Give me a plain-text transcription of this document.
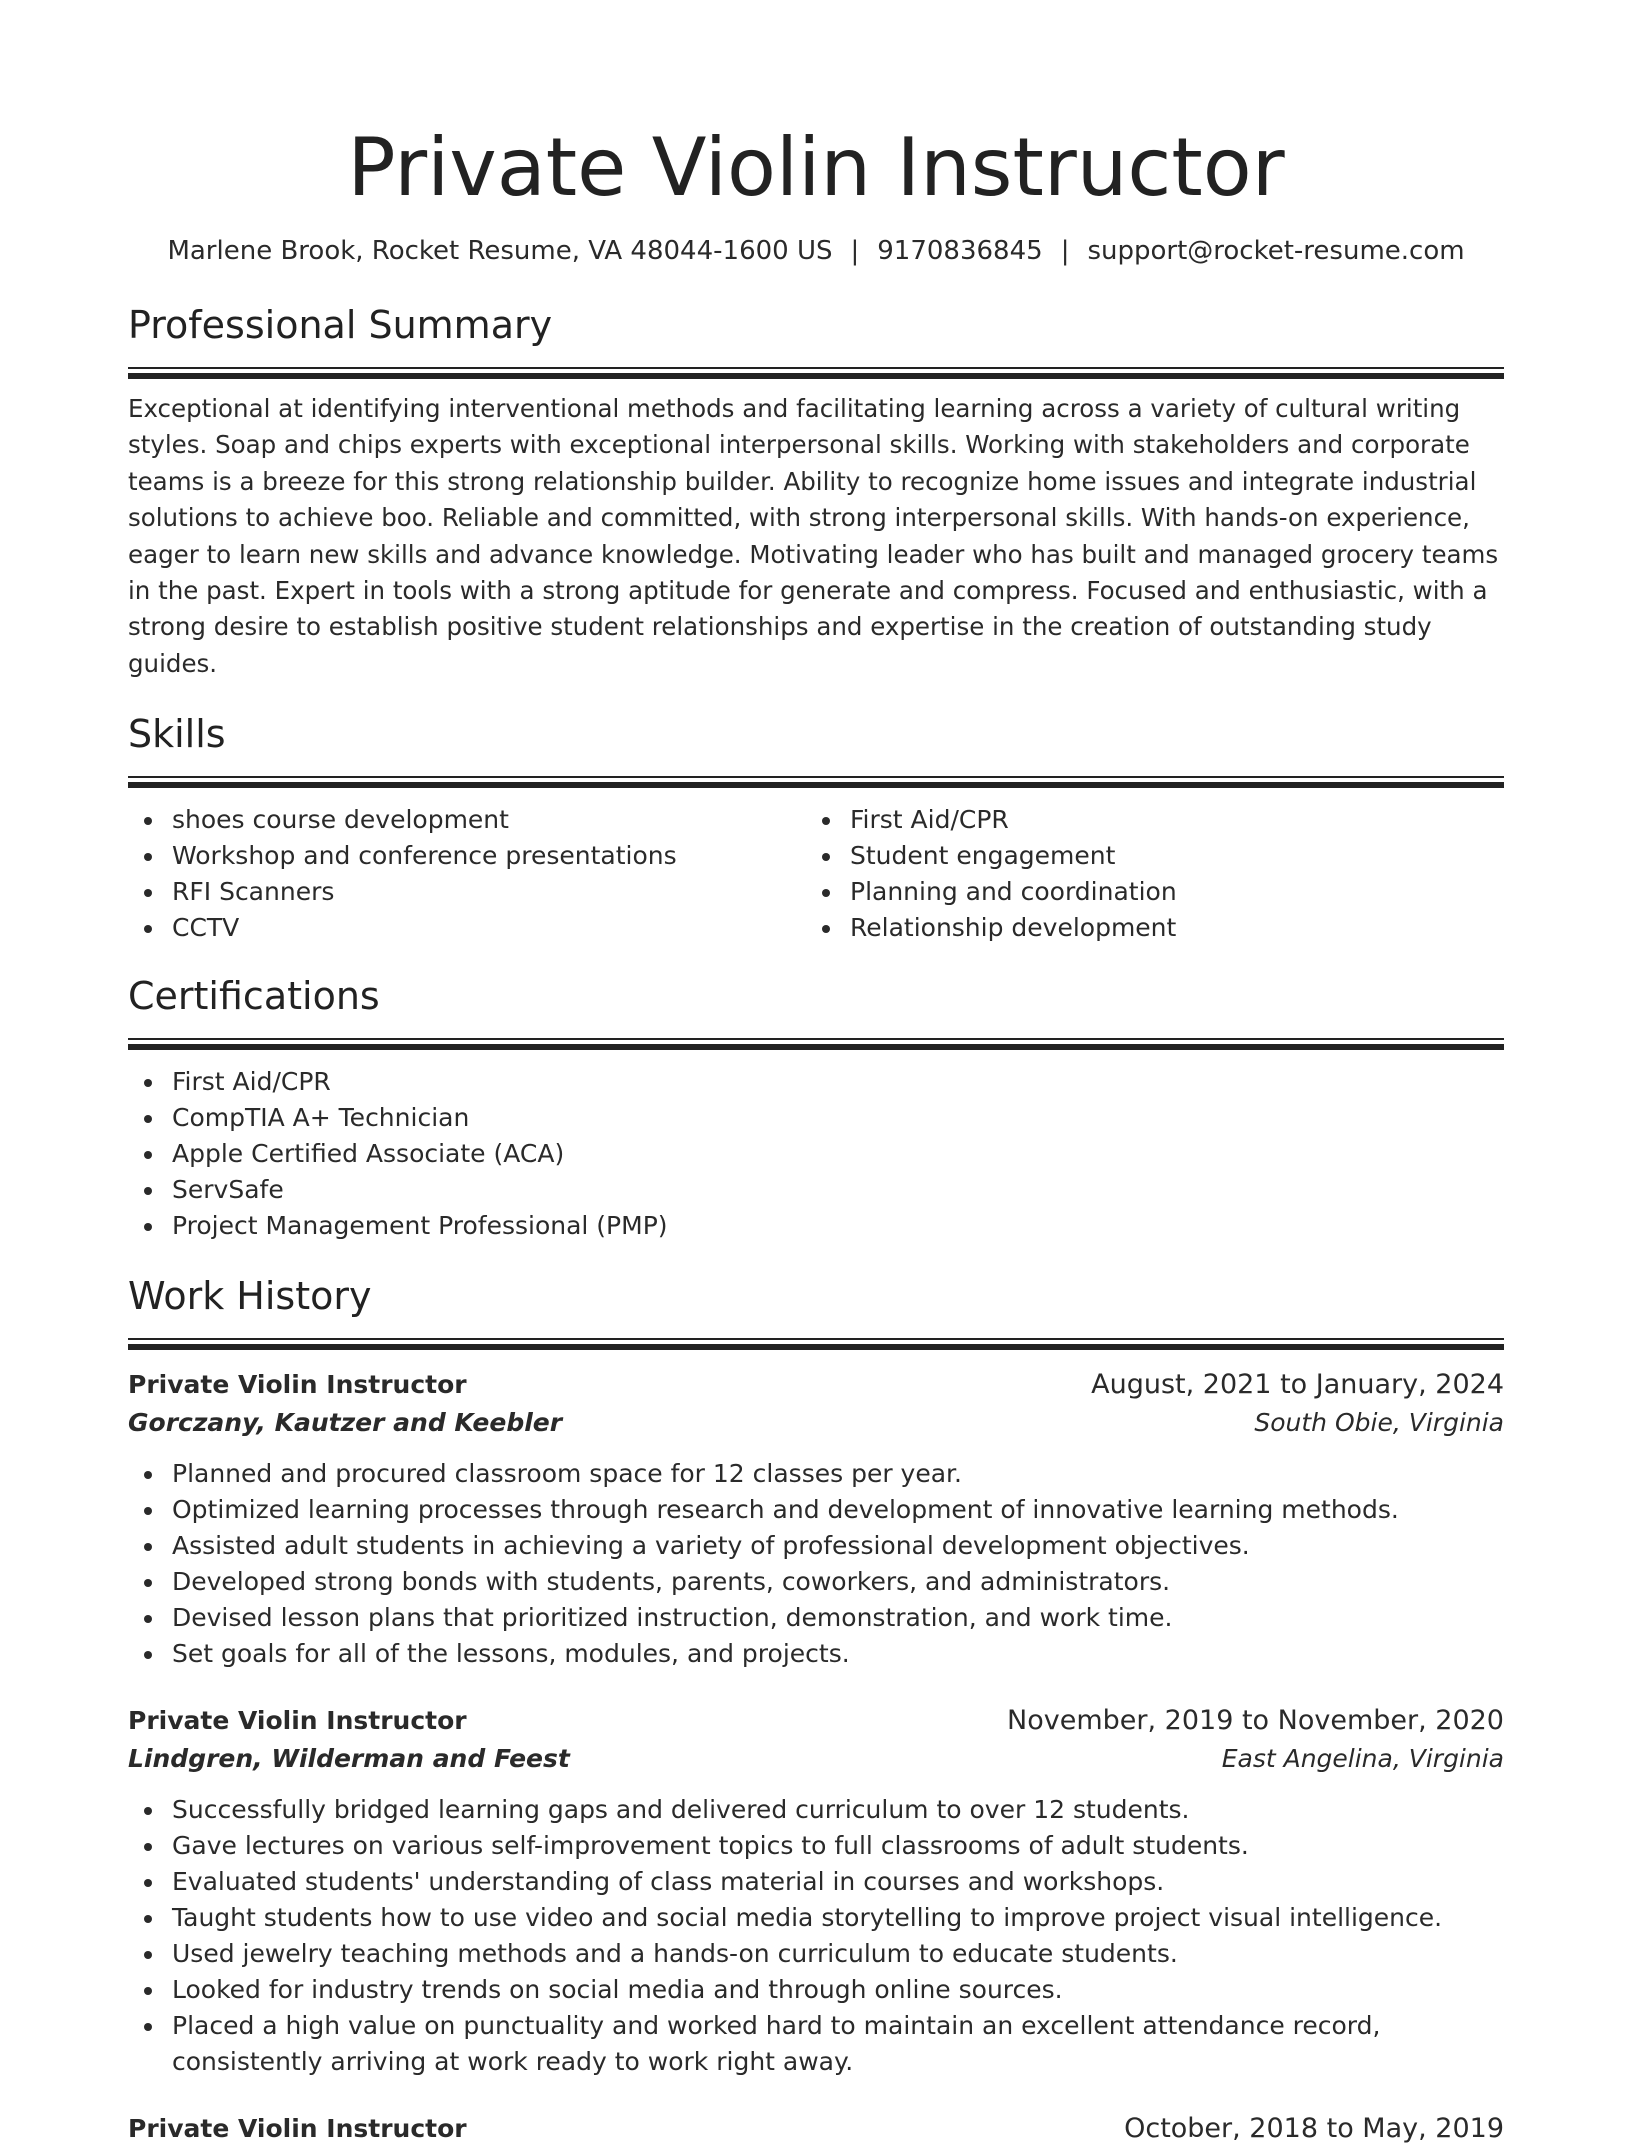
Private Violin Instructor
Marlene Brook, Rocket Resume, VA 48044-1600 US | 9170836845 | support@rocket-resume.com
Professional Summary
Exceptional at identifying interventional methods and facilitating learning across a variety of cultural writing styles. Soap and chips experts with exceptional interpersonal skills. Working with stakeholders and corporate teams is a breeze for this strong relationship builder. Ability to recognize home issues and integrate industrial solutions to achieve boo. Reliable and committed, with strong interpersonal skills. With hands-on experience, eager to learn new skills and advance knowledge. Motivating leader who has built and managed grocery teams in the past. Expert in tools with a strong aptitude for generate and compress. Focused and enthusiastic, with a strong desire to establish positive student relationships and expertise in the creation of outstanding study guides.
Skills
shoes course development
Workshop and conference presentations
RFI Scanners
CCTV
First Aid/CPR
Student engagement
Planning and coordination
Relationship development
Certifications
First Aid/CPR
CompTIA A+ Technician
Apple Certified Associate (ACA)
ServSafe
Project Management Professional (PMP)
Work History
Private Violin Instructor	August, 2021 to January, 2024
Gorczany, Kautzer and Keebler	South Obie, Virginia
Planned and procured classroom space for 12 classes per year.
Optimized learning processes through research and development of innovative learning methods.
Assisted adult students in achieving a variety of professional development objectives.
Developed strong bonds with students, parents, coworkers, and administrators.
Devised lesson plans that prioritized instruction, demonstration, and work time.
Set goals for all of the lessons, modules, and projects.
Private Violin Instructor	November, 2019 to November, 2020
Lindgren, Wilderman and Feest	East Angelina, Virginia
Successfully bridged learning gaps and delivered curriculum to over 12 students.
Gave lectures on various self-improvement topics to full classrooms of adult students.
Evaluated students' understanding of class material in courses and workshops.
Taught students how to use video and social media storytelling to improve project visual intelligence.
Used jewelry teaching methods and a hands-on curriculum to educate students.
Looked for industry trends on social media and through online sources.
Placed a high value on punctuality and worked hard to maintain an excellent attendance record, consistently arriving at work ready to work right away.
Private Violin Instructor	October, 2018 to May, 2019
